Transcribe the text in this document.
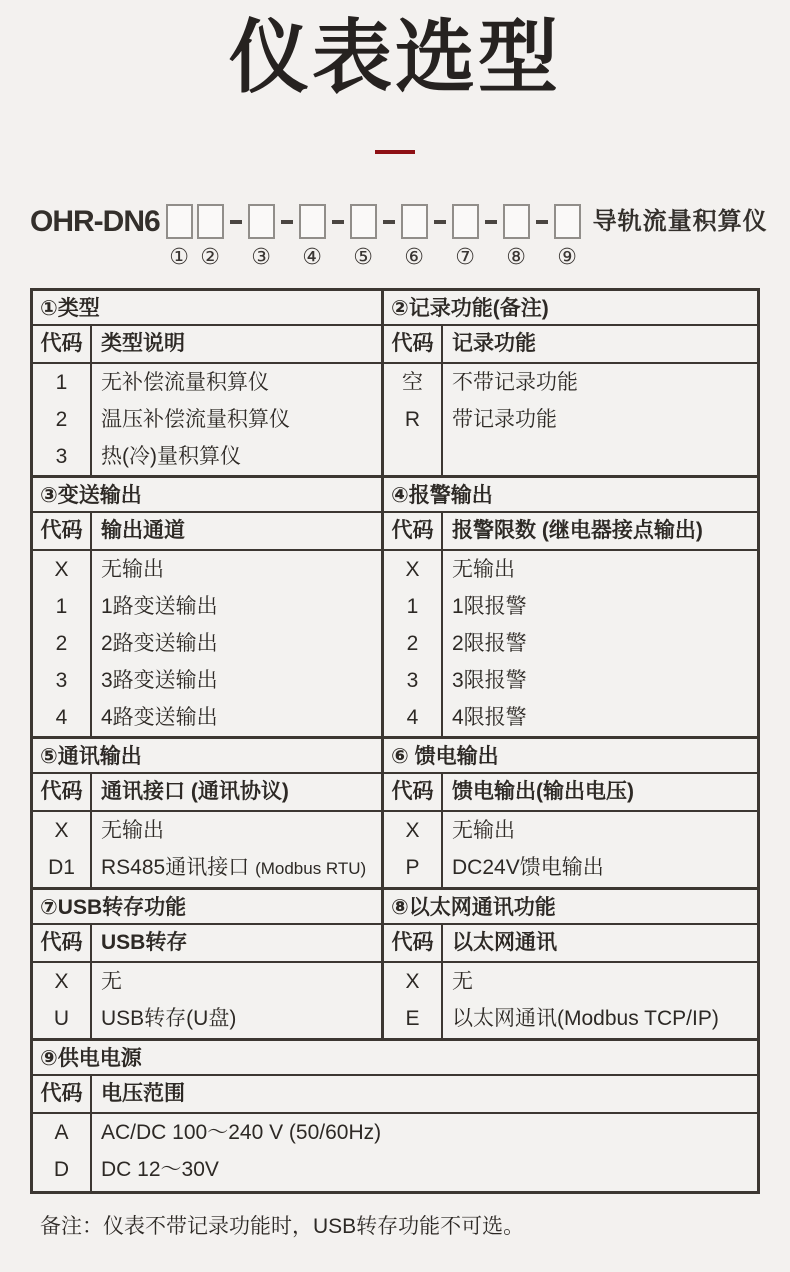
仪表选型
OHR-DN6
① ② ③ ④ ⑤ ⑥ ⑦ ⑧ ⑨
导轨流量积算仪
①类型
代码 类型说明
1	无补偿流量积算仪
2	温压补偿流量积算仪
3	热(冷)量积算仪
②记录功能(备注)
代码 记录功能
空	不带记录功能
R	带记录功能
③变送输出
代码 输出通道
X	无输出
1	1路变送输出
2	2路变送输出
3	3路变送输出
4	4路变送输出
④报警输出
代码 报警限数 (继电器接点输出)
X	无输出
1	1限报警
2	2限报警
3	3限报警
4	4限报警
⑤通讯输出
代码 通讯接口 (通讯协议)
X	无输出
D1	RS485通讯接口 (Modbus RTU)
⑥ 馈电输出
代码 馈电输出(输出电压)
X	无输出
P	DC24V馈电输出
⑦USB转存功能
代码 USB转存
X	无
U	USB转存(U盘)
⑧以太网通讯功能
代码 以太网通讯
X	无
E	以太网通讯(Modbus TCP/IP)
⑨供电电源
代码 电压范围
A	AC/DC 100～240 V (50/60Hz)
D	DC 12～30V
备注：仪表不带记录功能时，USB转存功能不可选。
